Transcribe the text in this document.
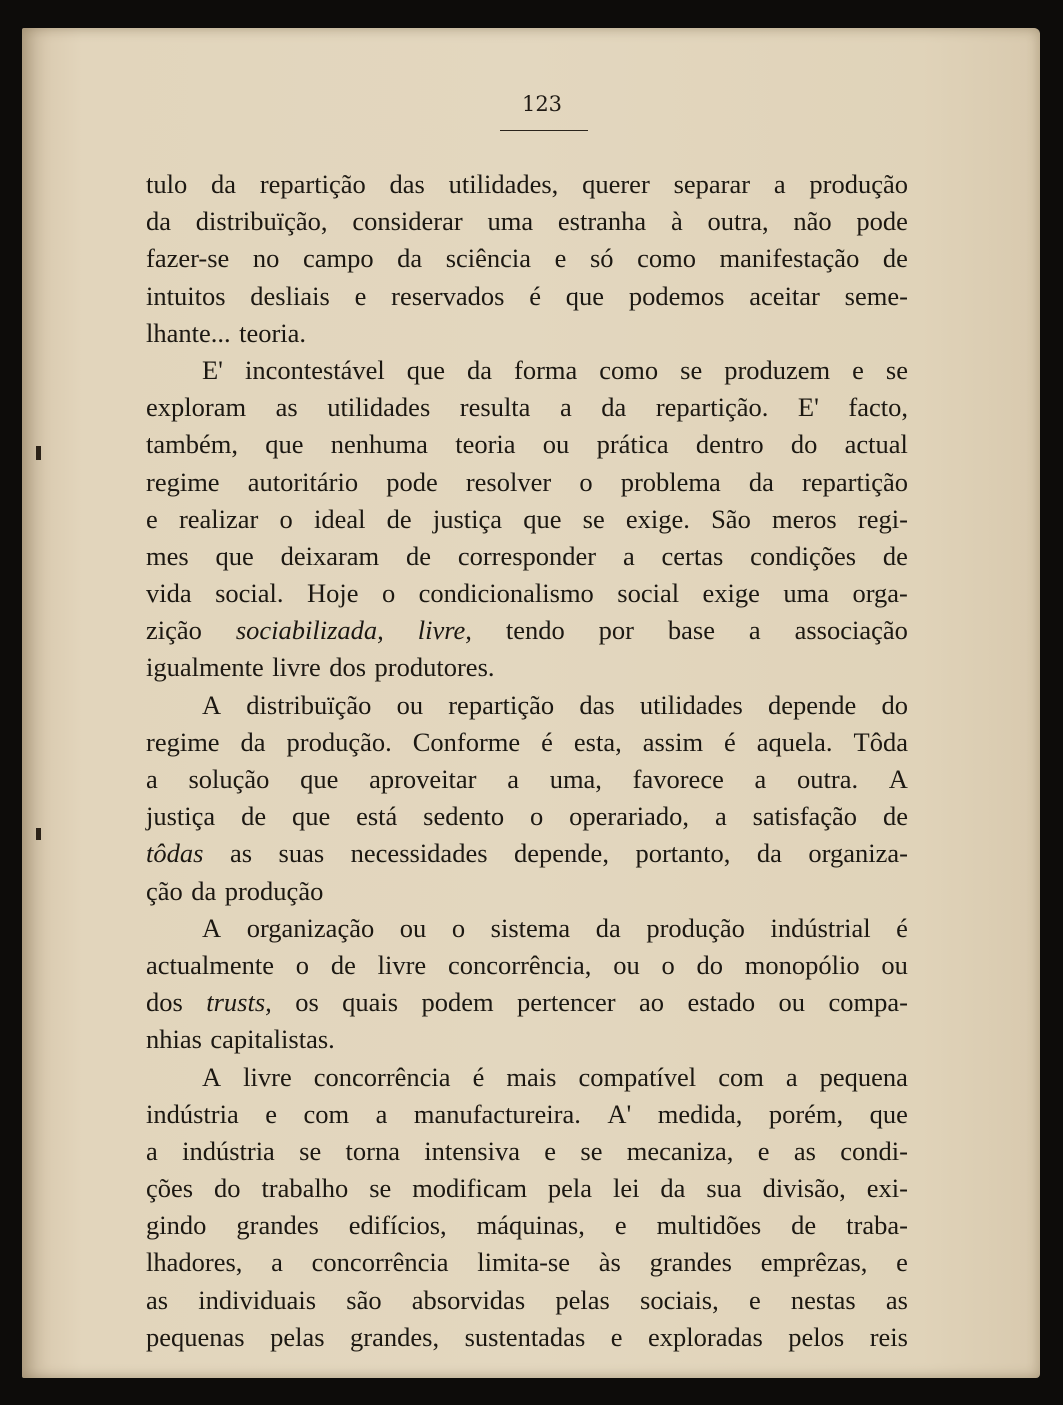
123
tulo da repartição das utilidades, querer separar a produção
da distribuïção, considerar uma estranha à outra, não pode
fazer-se no campo da sciência e só como manifestação de
intuitos desliais e reservados é que podemos aceitar seme-
lhante... teoria.
E' incontestável que da forma como se produzem e se
exploram as utilidades resulta a da repartição. E' facto,
também, que nenhuma teoria ou prática dentro do actual
regime autoritário pode resolver o problema da repartição
e realizar o ideal de justiça que se exige. São meros regi-
mes que deixaram de corresponder a certas condições de
vida social. Hoje o condicionalismo social exige uma orga-
zição sociabilizada, livre, tendo por base a associação
igualmente livre dos produtores.
A distribuïção ou repartição das utilidades depende do
regime da produção. Conforme é esta, assim é aquela. Tôda
a solução que aproveitar a uma, favorece a outra. A
justiça de que está sedento o operariado, a satisfação de
tôdas as suas necessidades depende, portanto, da organiza-
ção da produção
A organização ou o sistema da produção indústrial é
actualmente o de livre concorrência, ou o do monopólio ou
dos trusts, os quais podem pertencer ao estado ou compa-
nhias capitalistas.
A livre concorrência é mais compatível com a pequena
indústria e com a manufactureira. A' medida, porém, que
a indústria se torna intensiva e se mecaniza, e as condi-
ções do trabalho se modificam pela lei da sua divisão, exi-
gindo grandes edifícios, máquinas, e multidões de traba-
lhadores, a concorrência limita-se às grandes emprêzas, e
as individuais são absorvidas pelas sociais, e nestas as
pequenas pelas grandes, sustentadas e exploradas pelos reis
